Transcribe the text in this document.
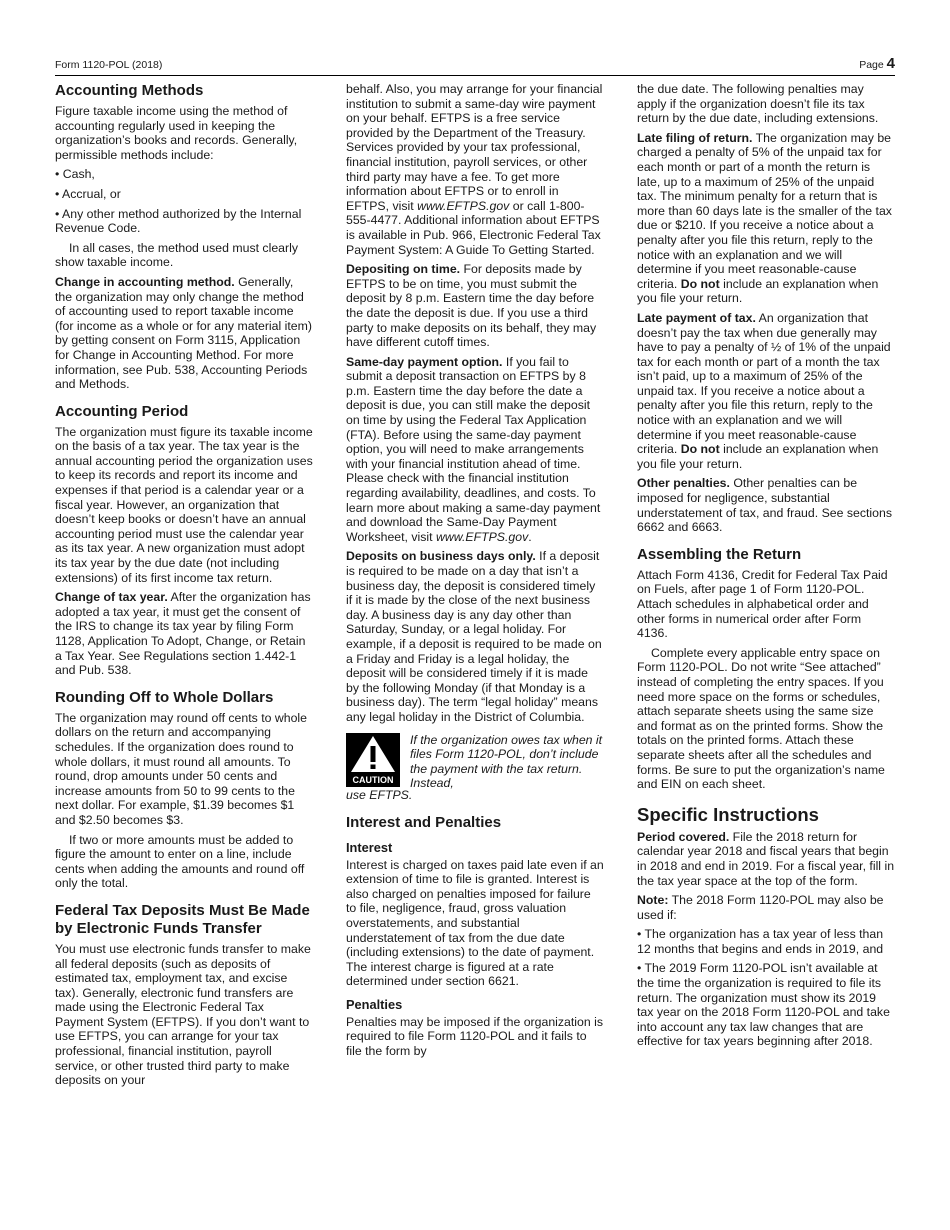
Form 1120-POL (2018)	Page 4
Accounting Methods

Figure taxable income using the method of accounting regularly used in keeping the organization’s books and records. Generally, permissible methods include:

• Cash,

• Accrual, or

• Any other method authorized by the Internal Revenue Code.

In all cases, the method used must clearly show taxable income.

Change in accounting method. Generally, the organization may only change the method of accounting used to report taxable income (for income as a whole or for any material item) by getting consent on Form 3115, Application for Change in Accounting Method. For more information, see Pub. 538, Accounting Periods and Methods.

Accounting Period

The organization must figure its taxable income on the basis of a tax year. The tax year is the annual accounting period the organization uses to keep its records and report its income and expenses if that period is a calendar year or a fiscal year. However, an organization that doesn’t keep books or doesn’t have an annual accounting period must use the calendar year as its tax year. A new organization must adopt its tax year by the due date (not including extensions) of its first income tax return.

Change of tax year. After the organization has adopted a tax year, it must get the consent of the IRS to change its tax year by filing Form 1128, Application To Adopt, Change, or Retain a Tax Year. See Regulations section 1.442-1 and Pub. 538.

Rounding Off to Whole Dollars

The organization may round off cents to whole dollars on the return and accompanying schedules. If the organization does round to whole dollars, it must round all amounts. To round, drop amounts under 50 cents and increase amounts from 50 to 99 cents to the next dollar. For example, $1.39 becomes $1 and $2.50 becomes $3.

If two or more amounts must be added to figure the amount to enter on a line, include cents when adding the amounts and round off only the total.

Federal Tax Deposits Must Be Made by Electronic Funds Transfer

You must use electronic funds transfer to make all federal deposits (such as deposits of estimated tax, employment tax, and excise tax). Generally, electronic fund transfers are made using the Electronic Federal Tax Payment System (EFTPS). If you don’t want to use EFTPS, you can arrange for your tax professional, financial institution, payroll service, or other trusted third party to make deposits on your

behalf. Also, you may arrange for your financial institution to submit a same-day wire payment on your behalf. EFTPS is a free service provided by the Department of the Treasury. Services provided by your tax professional, financial institution, payroll services, or other third party may have a fee. To get more information about EFTPS or to enroll in EFTPS, visit www.EFTPS.gov or call 1-800-555-4477. Additional information about EFTPS is available in Pub. 966, Electronic Federal Tax Payment System: A Guide To Getting Started.

Depositing on time. For deposits made by EFTPS to be on time, you must submit the deposit by 8 p.m. Eastern time the day before the date the deposit is due. If you use a third party to make deposits on its behalf, they may have different cutoff times.

Same-day payment option. If you fail to submit a deposit transaction on EFTPS by 8 p.m. Eastern time the day before the date a deposit is due, you can still make the deposit on time by using the Federal Tax Application (FTA). Before using the same-day payment option, you will need to make arrangements with your financial institution ahead of time. Please check with the financial institution regarding availability, deadlines, and costs. To learn more about making a same-day payment and download the Same-Day Payment Worksheet, visit www.EFTPS.gov.

Deposits on business days only. If a deposit is required to be made on a day that isn’t a business day, the deposit is considered timely if it is made by the close of the next business day. A business day is any day other than Saturday, Sunday, or a legal holiday. For example, if a deposit is required to be made on a Friday and Friday is a legal holiday, the deposit will be considered timely if it is made by the following Monday (if that Monday is a business day). The term “legal holiday” means any legal holiday in the District of Columbia.

CAUTION
If the organization owes tax when it files Form 1120-POL, don’t include the payment with the tax return. Instead,
use EFTPS.
Interest and Penalties
Interest

Interest is charged on taxes paid late even if an extension of time to file is granted. Interest is also charged on penalties imposed for failure to file, negligence, fraud, gross valuation overstatements, and substantial understatement of tax from the due date (including extensions) to the date of payment. The interest charge is figured at a rate determined under section 6621.

Penalties

Penalties may be imposed if the organization is required to file Form 1120-POL and it fails to file the form by

the due date. The following penalties may apply if the organization doesn’t file its tax return by the due date, including extensions.

Late filing of return. The organization may be charged a penalty of 5% of the unpaid tax for each month or part of a month the return is late, up to a maximum of 25% of the unpaid tax. The minimum penalty for a return that is more than 60 days late is the smaller of the tax due or $210. If you receive a notice about a penalty after you file this return, reply to the notice with an explanation and we will determine if you meet reasonable-cause criteria. Do not include an explanation when you file your return.

Late payment of tax. An organization that doesn’t pay the tax when due generally may have to pay a penalty of ½ of 1% of the unpaid tax for each month or part of a month the tax isn’t paid, up to a maximum of 25% of the unpaid tax. If you receive a notice about a penalty after you file this return, reply to the notice with an explanation and we will determine if you meet reasonable-cause criteria. Do not include an explanation when you file your return.

Other penalties. Other penalties can be imposed for negligence, substantial understatement of tax, and fraud. See sections 6662 and 6663.

Assembling the Return

Attach Form 4136, Credit for Federal Tax Paid on Fuels, after page 1 of Form 1120-POL. Attach schedules in alphabetical order and other forms in numerical order after Form 4136.

Complete every applicable entry space on Form 1120-POL. Do not write “See attached” instead of completing the entry spaces. If you need more space on the forms or schedules, attach separate sheets using the same size and format as on the printed forms. Show the totals on the printed forms. Attach these separate sheets after all the schedules and forms. Be sure to put the organization’s name and EIN on each sheet.

Specific Instructions

Period covered. File the 2018 return for calendar year 2018 and fiscal years that begin in 2018 and end in 2019. For a fiscal year, fill in the tax year space at the top of the form.

Note: The 2018 Form 1120-POL may also be used if:

• The organization has a tax year of less than 12 months that begins and ends in 2019, and

• The 2019 Form 1120-POL isn’t available at the time the organization is required to file its return. The organization must show its 2019 tax year on the 2018 Form 1120-POL and take into account any tax law changes that are effective for tax years beginning after 2018.
